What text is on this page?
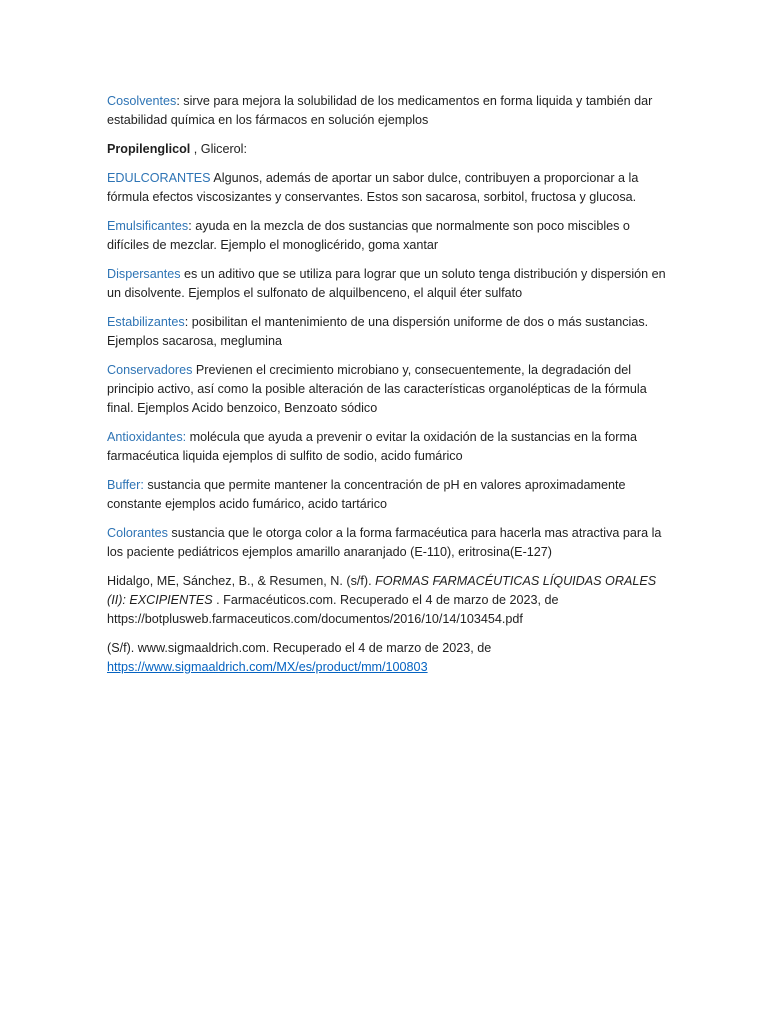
Cosolventes: sirve para mejora la solubilidad de los medicamentos en forma liquida y también dar estabilidad química en los fármacos en solución ejemplos

Propilenglicol , Glicerol:

EDULCORANTES Algunos, además de aportar un sabor dulce, contribuyen a proporcionar a la fórmula efectos viscosizantes y conservantes. Estos son sacarosa, sorbitol, fructosa y glucosa.

Emulsificantes: ayuda en la mezcla de dos sustancias que normalmente son poco miscibles o difíciles de mezclar. Ejemplo el monoglicérido, goma xantar

Dispersantes es un aditivo que se utiliza para lograr que un soluto tenga distribución y dispersión en un disolvente. Ejemplos el sulfonato de alquilbenceno, el alquil éter sulfato

Estabilizantes: posibilitan el mantenimiento de una dispersión uniforme de dos o más sustancias. Ejemplos sacarosa, meglumina

Conservadores Previenen el crecimiento microbiano y, consecuentemente, la degradación del principio activo, así como la posible alteración de las características organolépticas de la fórmula final. Ejemplos Acido benzoico, Benzoato sódico

Antioxidantes: molécula que ayuda a prevenir o evitar la oxidación de la sustancias en la forma farmacéutica liquida ejemplos di sulfito de sodio, acido fumárico

Buffer: sustancia que permite mantener la concentración de pH en valores aproximadamente constante ejemplos acido fumárico, acido tartárico

Colorantes sustancia que le otorga color a la forma farmacéutica para hacerla mas atractiva para la los paciente pediátricos ejemplos amarillo anaranjado (E-110), eritrosina(E-127)

Hidalgo, ME, Sánchez, B., & Resumen, N. (s/f). FORMAS FARMACÉUTICAS LÍQUIDAS ORALES (II): EXCIPIENTES . Farmacéuticos.com. Recuperado el 4 de marzo de 2023, de https://botplusweb.farmaceuticos.com/documentos/2016/10/14/103454.pdf

(S/f). www.sigmaaldrich.com. Recuperado el 4 de marzo de 2023, de https://www.sigmaaldrich.com/MX/es/product/mm/100803
